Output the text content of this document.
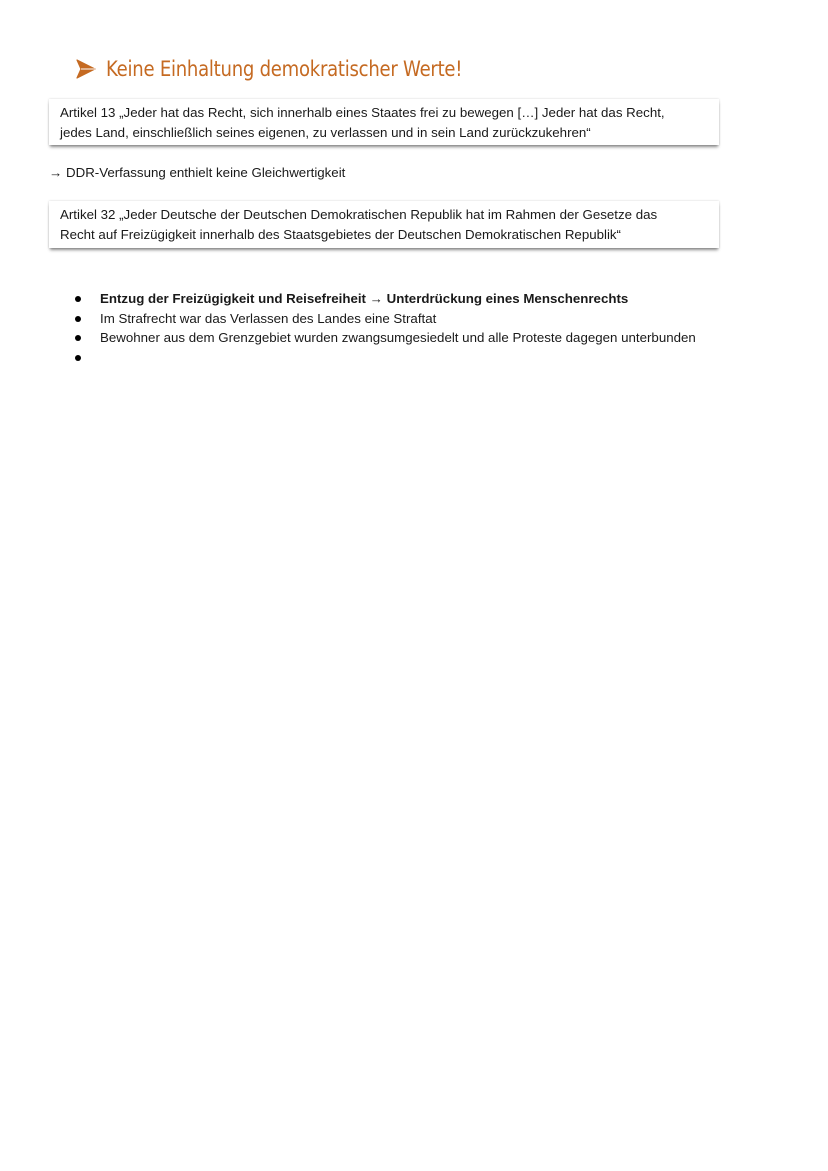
Keine Einhaltung demokratischer Werte!

Artikel 13 „Jeder hat das Recht, sich innerhalb eines Staates frei zu bewegen […] Jeder hat das Recht,

jedes Land, einschließlich seines eigenen, zu verlassen und in sein Land zurückzukehren“

→ DDR-Verfassung enthielt keine Gleichwertigkeit

Artikel 32 „Jeder Deutsche der Deutschen Demokratischen Republik hat im Rahmen der Gesetze das

Recht auf Freizügigkeit innerhalb des Staatsgebietes der Deutschen Demokratischen Republik“

Entzug der Freizügigkeit und Reisefreiheit → Unterdrückung eines Menschenrechts
Im Strafrecht war das Verlassen des Landes eine Straftat
Bewohner aus dem Grenzgebiet wurden zwangsumgesiedelt und alle Proteste dagegen unterbunden
